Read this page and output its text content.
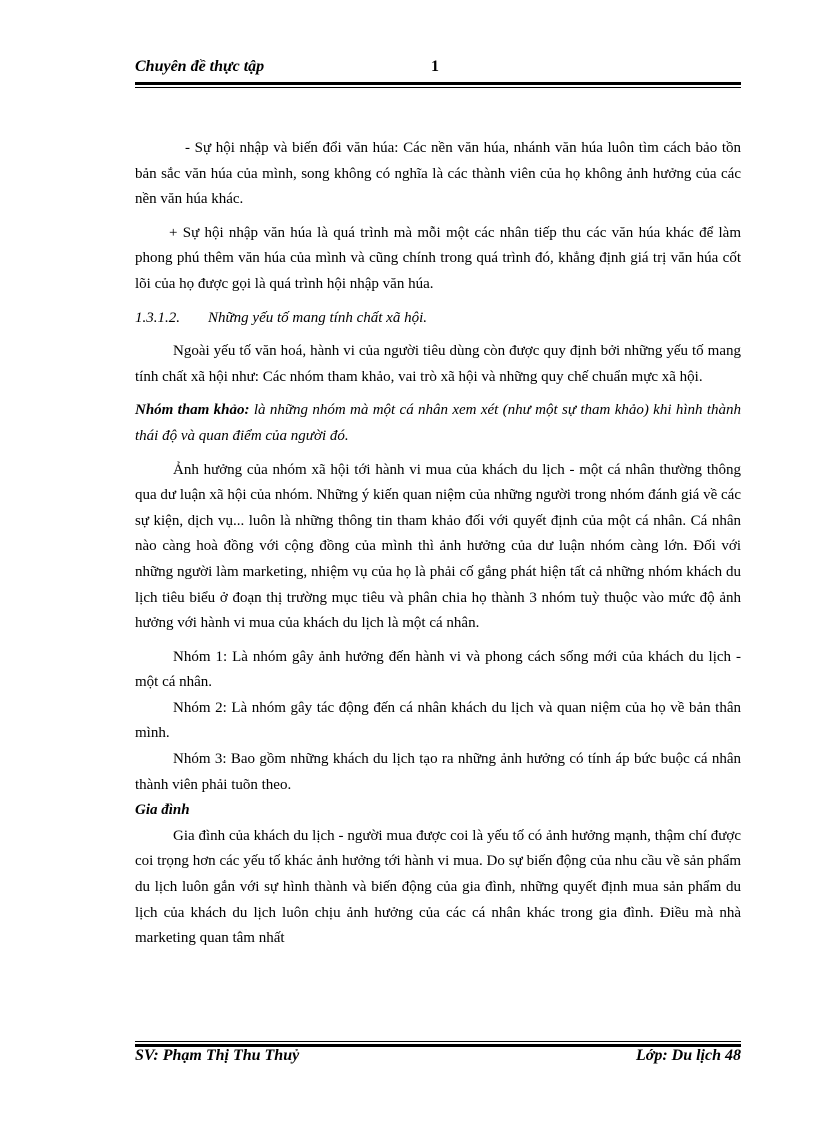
Chuyên đề thực tập	1

- Sự hội nhập và biến đổi văn húa: Các nền văn húa, nhánh văn húa luôn tìm cách bảo tồn bản sắc văn húa của mình, song không có nghĩa là các thành viên của họ không ảnh hưởng của các nền văn húa khác.

+ Sự hội nhập văn húa là quá trình mà mỗi một các nhân tiếp thu các văn húa khác để làm phong phú thêm văn húa của mình và cũng chính trong quá trình đó, khẳng định giá trị văn húa cốt lõi của họ được gọi là quá trình hội nhập văn húa.

1.3.1.2. Những yếu tố mang tính chất xã hội.

Ngoài yếu tố văn hoá, hành vi của người tiêu dùng còn được quy định bởi những yếu tố mang tính chất xã hội như: Các nhóm tham khảo, vai trò xã hội và những quy chế chuẩn mực xã hội.

Nhóm tham khảo: là những nhóm mà một cá nhân xem xét (như một sự tham khảo) khi hình thành thái độ và quan điểm của người đó.

Ảnh hưởng của nhóm xã hội tới hành vi mua của khách du lịch - một cá nhân thường thông qua dư luận xã hội của nhóm. Những ý kiến quan niệm của những người trong nhóm đánh giá về các sự kiện, dịch vụ... luôn là những thông tin tham khảo đối với quyết định của một cá nhân. Cá nhân nào càng hoà đồng với cộng đồng của mình thì ảnh hưởng của dư luận nhóm càng lớn. Đối với những người làm marketing, nhiệm vụ của họ là phải cố gắng phát hiện tất cả những nhóm khách du lịch tiêu biểu ở đoạn thị trường mục tiêu và phân chia họ thành 3 nhóm tuỳ thuộc vào mức độ ảnh hưởng với hành vi mua của khách du lịch là một cá nhân.

Nhóm 1: Là nhóm gây ảnh hưởng đến hành vi và phong cách sống mới của khách du lịch - một cá nhân.

Nhóm 2: Là nhóm gây tác động đến cá nhân khách du lịch và quan niệm của họ về bản thân mình.

Nhóm 3: Bao gồm những khách du lịch tạo ra những ảnh hưởng có tính áp bức buộc cá nhân thành viên phải tuõn theo.

Gia đình

Gia đình của khách du lịch - người mua được coi là yếu tố có ảnh hưởng mạnh, thậm chí được coi trọng hơn các yếu tố khác ảnh hưởng tới hành vi mua. Do sự biến động của nhu cầu về sản phẩm du lịch luôn gắn với sự hình thành và biến động của gia đình, những quyết định mua sản phẩm du lịch của khách du lịch luôn chịu ảnh hưởng của các cá nhân khác trong gia đình. Điều mà nhà marketing quan tâm nhất

SV: Phạm Thị Thu Thuỷ	Lớp: Du lịch 48
